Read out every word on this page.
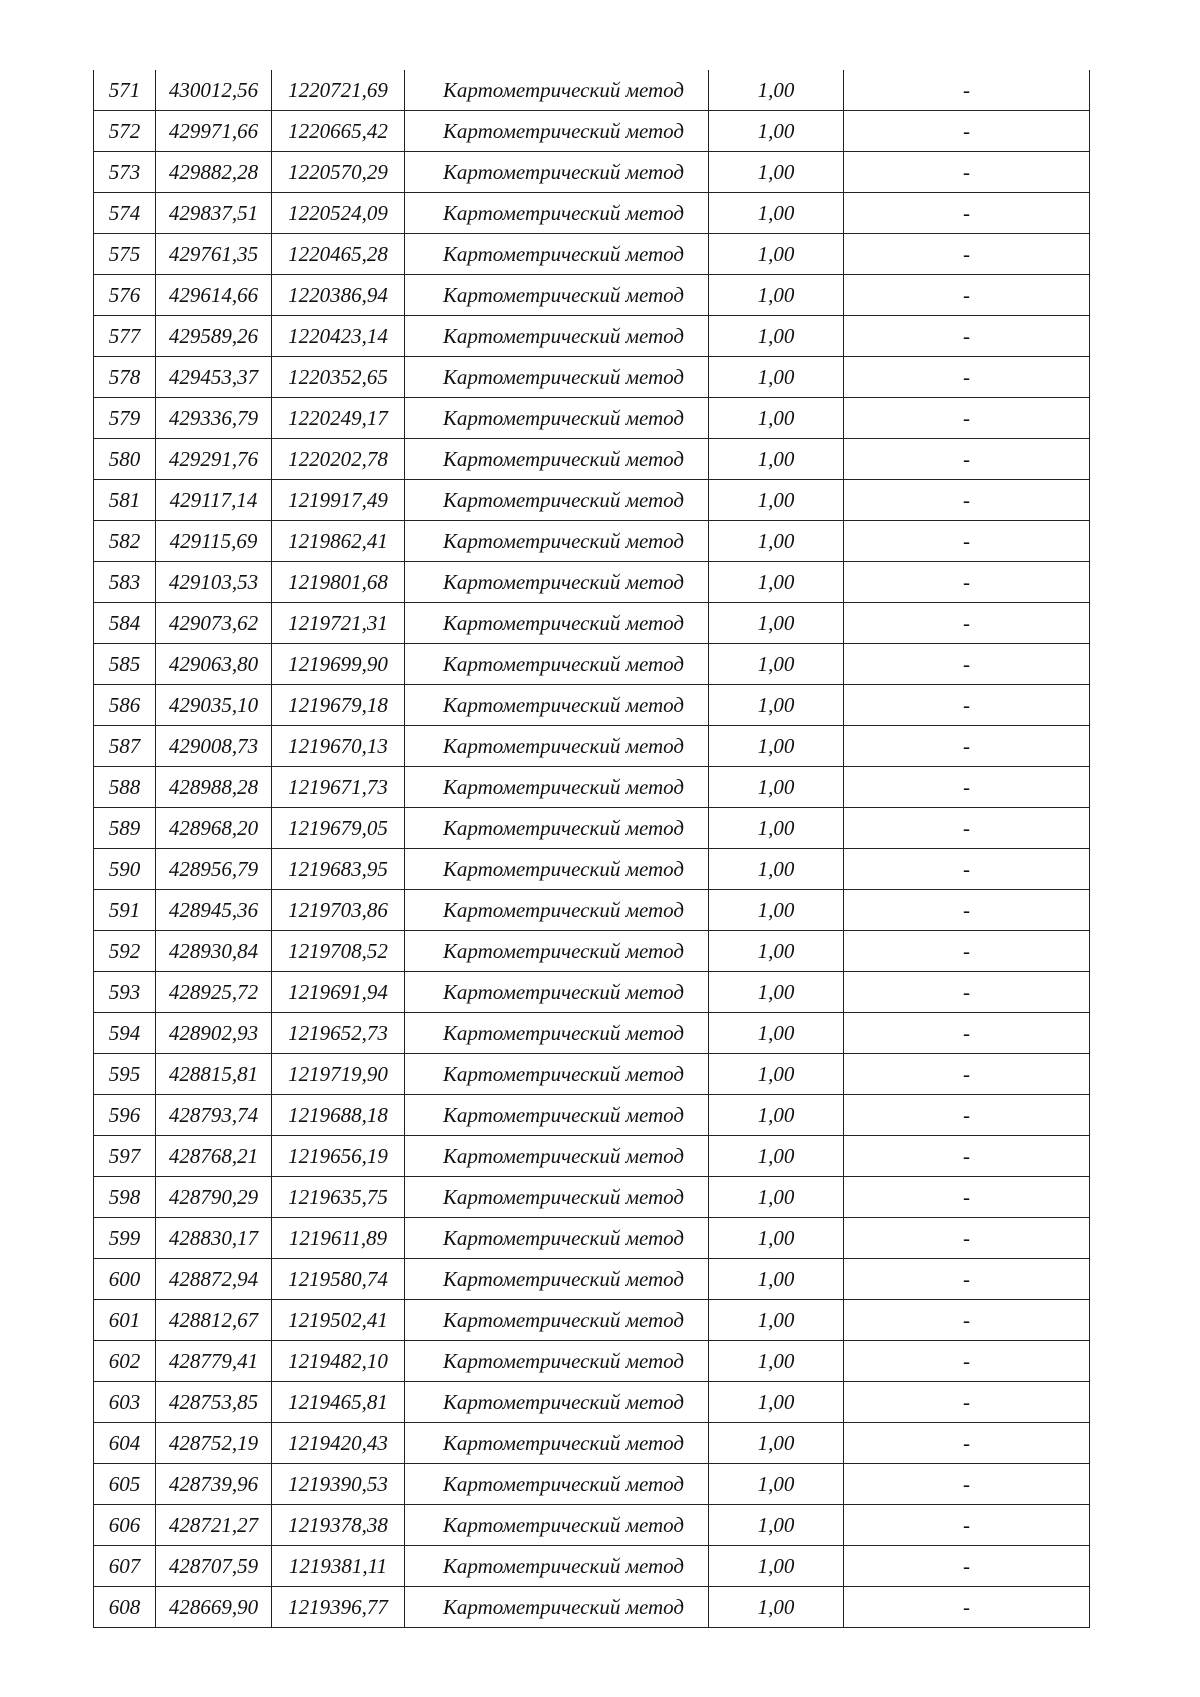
571	430012,56	1220721,69	Картометрический метод	1,00	-
572	429971,66	1220665,42	Картометрический метод	1,00	-
573	429882,28	1220570,29	Картометрический метод	1,00	-
574	429837,51	1220524,09	Картометрический метод	1,00	-
575	429761,35	1220465,28	Картометрический метод	1,00	-
576	429614,66	1220386,94	Картометрический метод	1,00	-
577	429589,26	1220423,14	Картометрический метод	1,00	-
578	429453,37	1220352,65	Картометрический метод	1,00	-
579	429336,79	1220249,17	Картометрический метод	1,00	-
580	429291,76	1220202,78	Картометрический метод	1,00	-
581	429117,14	1219917,49	Картометрический метод	1,00	-
582	429115,69	1219862,41	Картометрический метод	1,00	-
583	429103,53	1219801,68	Картометрический метод	1,00	-
584	429073,62	1219721,31	Картометрический метод	1,00	-
585	429063,80	1219699,90	Картометрический метод	1,00	-
586	429035,10	1219679,18	Картометрический метод	1,00	-
587	429008,73	1219670,13	Картометрический метод	1,00	-
588	428988,28	1219671,73	Картометрический метод	1,00	-
589	428968,20	1219679,05	Картометрический метод	1,00	-
590	428956,79	1219683,95	Картометрический метод	1,00	-
591	428945,36	1219703,86	Картометрический метод	1,00	-
592	428930,84	1219708,52	Картометрический метод	1,00	-
593	428925,72	1219691,94	Картометрический метод	1,00	-
594	428902,93	1219652,73	Картометрический метод	1,00	-
595	428815,81	1219719,90	Картометрический метод	1,00	-
596	428793,74	1219688,18	Картометрический метод	1,00	-
597	428768,21	1219656,19	Картометрический метод	1,00	-
598	428790,29	1219635,75	Картометрический метод	1,00	-
599	428830,17	1219611,89	Картометрический метод	1,00	-
600	428872,94	1219580,74	Картометрический метод	1,00	-
601	428812,67	1219502,41	Картометрический метод	1,00	-
602	428779,41	1219482,10	Картометрический метод	1,00	-
603	428753,85	1219465,81	Картометрический метод	1,00	-
604	428752,19	1219420,43	Картометрический метод	1,00	-
605	428739,96	1219390,53	Картометрический метод	1,00	-
606	428721,27	1219378,38	Картометрический метод	1,00	-
607	428707,59	1219381,11	Картометрический метод	1,00	-
608	428669,90	1219396,77	Картометрический метод	1,00	-
